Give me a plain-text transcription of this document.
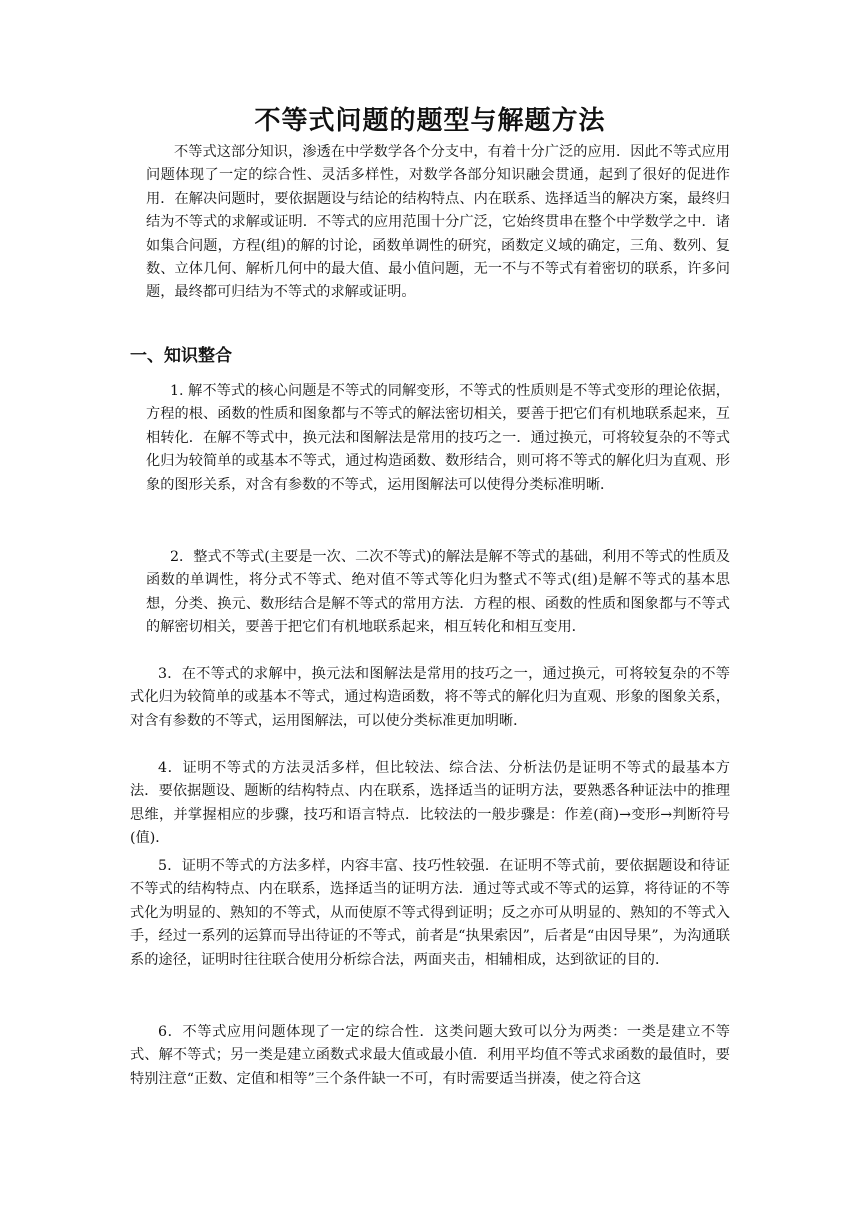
不等式问题的题型与解题方法

不等式这部分知识，渗透在中学数学各个分支中，有着十分广泛的应用．因此不等式应用问题体现了一定的综合性、灵活多样性，对数学各部分知识融会贯通，起到了很好的促进作用．在解决问题时，要依据题设与结论的结构特点、内在联系、选择适当的解决方案，最终归结为不等式的求解或证明．不等式的应用范围十分广泛，它始终贯串在整个中学数学之中．诸如集合问题，方程(组)的解的讨论，函数单调性的研究，函数定义域的确定，三角、数列、复数、立体几何、解析几何中的最大值、最小值问题，无一不与不等式有着密切的联系，许多问题，最终都可归结为不等式的求解或证明。

一、知识整合

1. 解不等式的核心问题是不等式的同解变形，不等式的性质则是不等式变形的理论依据，方程的根、函数的性质和图象都与不等式的解法密切相关，要善于把它们有机地联系起来，互相转化．在解不等式中，换元法和图解法是常用的技巧之一．通过换元，可将较复杂的不等式化归为较简单的或基本不等式，通过构造函数、数形结合，则可将不等式的解化归为直观、形象的图形关系，对含有参数的不等式，运用图解法可以使得分类标准明晰．

2．整式不等式(主要是一次、二次不等式)的解法是解不等式的基础，利用不等式的性质及函数的单调性，将分式不等式、绝对值不等式等化归为整式不等式(组)是解不等式的基本思想，分类、换元、数形结合是解不等式的常用方法．方程的根、函数的性质和图象都与不等式的解密切相关，要善于把它们有机地联系起来，相互转化和相互变用．

3．在不等式的求解中，换元法和图解法是常用的技巧之一，通过换元，可将较复杂的不等式化归为较简单的或基本不等式，通过构造函数，将不等式的解化归为直观、形象的图象关系，对含有参数的不等式，运用图解法，可以使分类标准更加明晰．

4．证明不等式的方法灵活多样，但比较法、综合法、分析法仍是证明不等式的最基本方法．要依据题设、题断的结构特点、内在联系，选择适当的证明方法，要熟悉各种证法中的推理思维，并掌握相应的步骤，技巧和语言特点．比较法的一般步骤是：作差(商)→变形→判断符号(值)．

5．证明不等式的方法多样，内容丰富、技巧性较强．在证明不等式前，要依据题设和待证不等式的结构特点、内在联系，选择适当的证明方法．通过等式或不等式的运算，将待证的不等式化为明显的、熟知的不等式，从而使原不等式得到证明；反之亦可从明显的、熟知的不等式入手，经过一系列的运算而导出待证的不等式，前者是“执果索因”，后者是“由因导果”，为沟通联系的途径，证明时往往联合使用分析综合法，两面夹击，相辅相成，达到欲证的目的．

6．不等式应用问题体现了一定的综合性．这类问题大致可以分为两类：一类是建立不等式、解不等式；另一类是建立函数式求最大值或最小值．利用平均值不等式求函数的最值时，要特别注意“正数、定值和相等”三个条件缺一不可，有时需要适当拼凑，使之符合这
